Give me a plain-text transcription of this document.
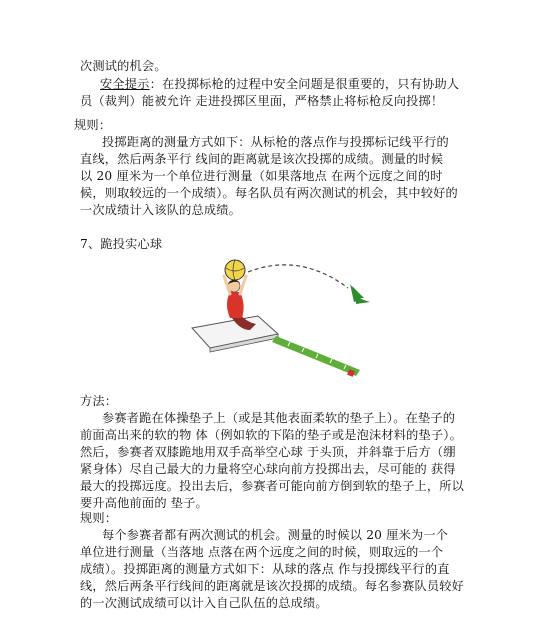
次测试的机会。
安全提示：在投掷标枪的过程中安全问题是很重要的，只有协助人
员（裁判）能被允许 走进投掷区里面，严格禁止将标枪反向投掷！
规则：
投掷距离的测量方式如下：从标枪的落点作与投掷标记线平行的
直线，然后两条平行 线间的距离就是该次投掷的成绩。测量的时候
以 20 厘米为一个单位进行测量（如果落地点 在两个远度之间的时
候，则取较远的一个成绩）。每名队员有两次测试的机会，其中较好的
一次成绩计入该队的总成绩。
7、跪投实心球
方法：
参赛者跪在体操垫子上（或是其他表面柔软的垫子上）。在垫子的
前面高出来的软的物 体（例如软的下陷的垫子或是泡沫材料的垫子）。
然后，参赛者双膝跪地用双手高举空心球 于头顶，并斜靠于后方（绷
紧身体）尽自己最大的力量将空心球向前方投掷出去，尽可能的 获得
最大的投掷远度。投出去后，参赛者可能向前方倒到软的垫子上，所以
要升高他前面的 垫子。
规则：
每个参赛者都有两次测试的机会。测量的时候以 20 厘米为一个
单位进行测量（当落地 点落在两个远度之间的时候，则取远的一个
成绩）。投掷距离的测量方式如下：从球的落点 作与投掷线平行的直
线，然后两条平行线间的距离就是该次投掷的成绩。每名参赛队员较好
的一次测试成绩可以计入自己队伍的总成绩。
